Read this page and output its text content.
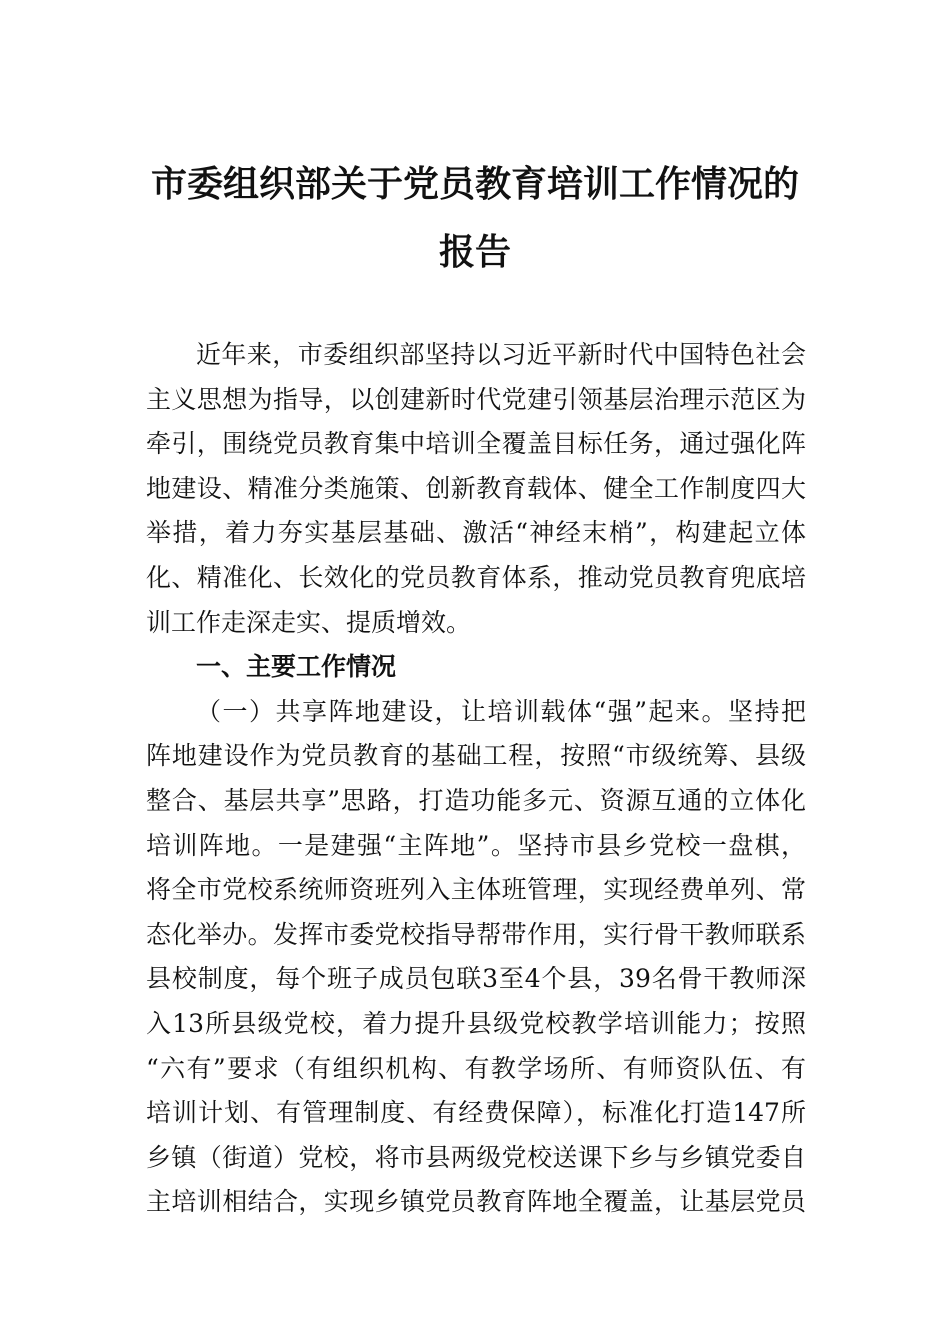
市委组织部关于党员教育培训工作情况的
报告
近年来，市委组织部坚持以习近平新时代中国特色社会
主义思想为指导，以创建新时代党建引领基层治理示范区为
牵引，围绕党员教育集中培训全覆盖目标任务，通过强化阵
地建设、精准分类施策、创新教育载体、健全工作制度四大
举措，着力夯实基层基础、激活“神经末梢”，构建起立体
化、精准化、长效化的党员教育体系，推动党员教育兜底培
训工作走深走实、提质增效。
一、主要工作情况
（一）共享阵地建设，让培训载体“强”起来。坚持把
阵地建设作为党员教育的基础工程，按照“市级统筹、县级
整合、基层共享”思路，打造功能多元、资源互通的立体化
培训阵地。一是建强“主阵地”。坚持市县乡党校一盘棋，
将全市党校系统师资班列入主体班管理，实现经费单列、常
态化举办。发挥市委党校指导帮带作用，实行骨干教师联系
县校制度，每个班子成员包联3至4个县，39名骨干教师深
入13所县级党校，着力提升县级党校教学培训能力；按照
“六有”要求（有组织机构、有教学场所、有师资队伍、有
培训计划、有管理制度、有经费保障），标准化打造147所
乡镇（街道）党校，将市县两级党校送课下乡与乡镇党委自
主培训相结合，实现乡镇党员教育阵地全覆盖，让基层党员
